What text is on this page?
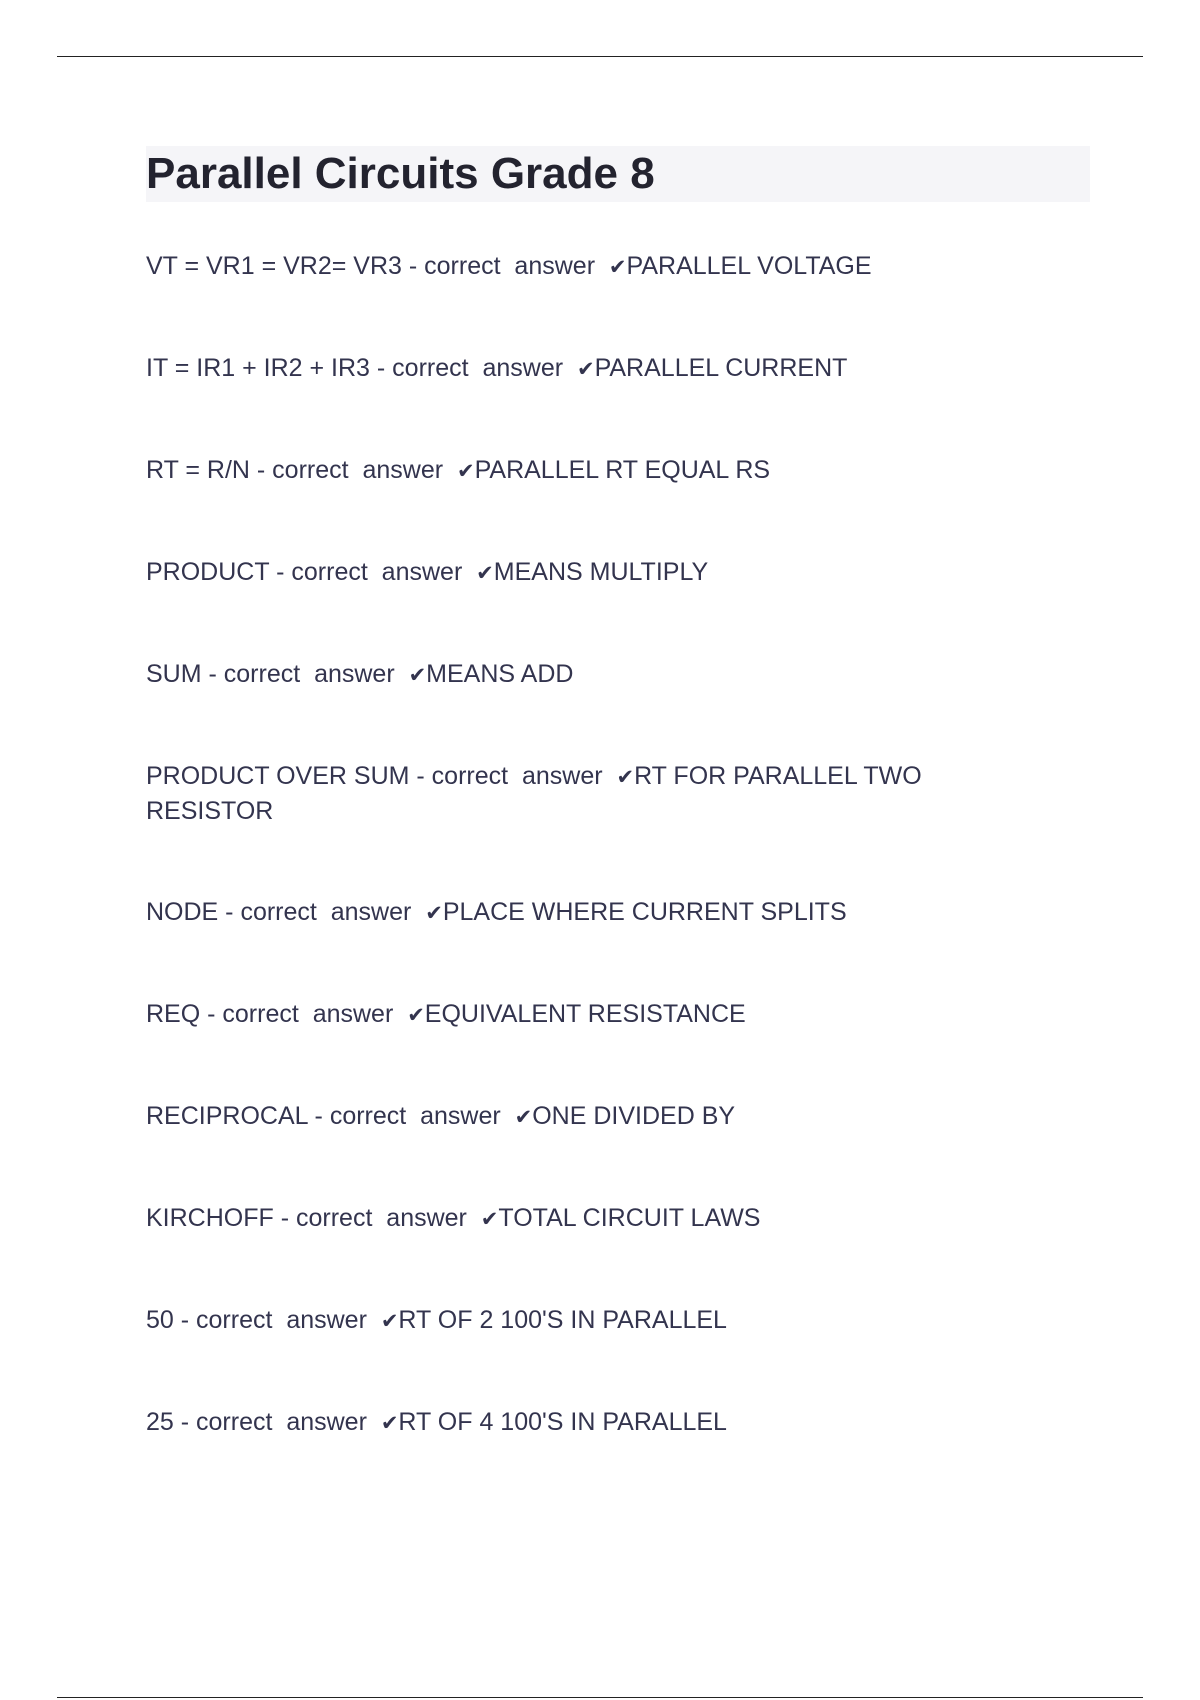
Parallel Circuits Grade 8
VT = VR1 = VR2= VR3 - correct  answer  ✔PARALLEL VOLTAGE
IT = IR1 + IR2 + IR3 - correct  answer  ✔PARALLEL CURRENT
RT = R/N - correct  answer  ✔PARALLEL RT EQUAL RS
PRODUCT - correct  answer  ✔MEANS MULTIPLY
SUM - correct  answer  ✔MEANS ADD
PRODUCT OVER SUM - correct  answer  ✔RT FOR PARALLEL TWO RESISTOR
NODE - correct  answer  ✔PLACE WHERE CURRENT SPLITS
REQ - correct  answer  ✔EQUIVALENT RESISTANCE
RECIPROCAL - correct  answer  ✔ONE DIVIDED BY
KIRCHOFF - correct  answer  ✔TOTAL CIRCUIT LAWS
50 - correct  answer  ✔RT OF 2 100'S IN PARALLEL
25 - correct  answer  ✔RT OF 4 100'S IN PARALLEL
